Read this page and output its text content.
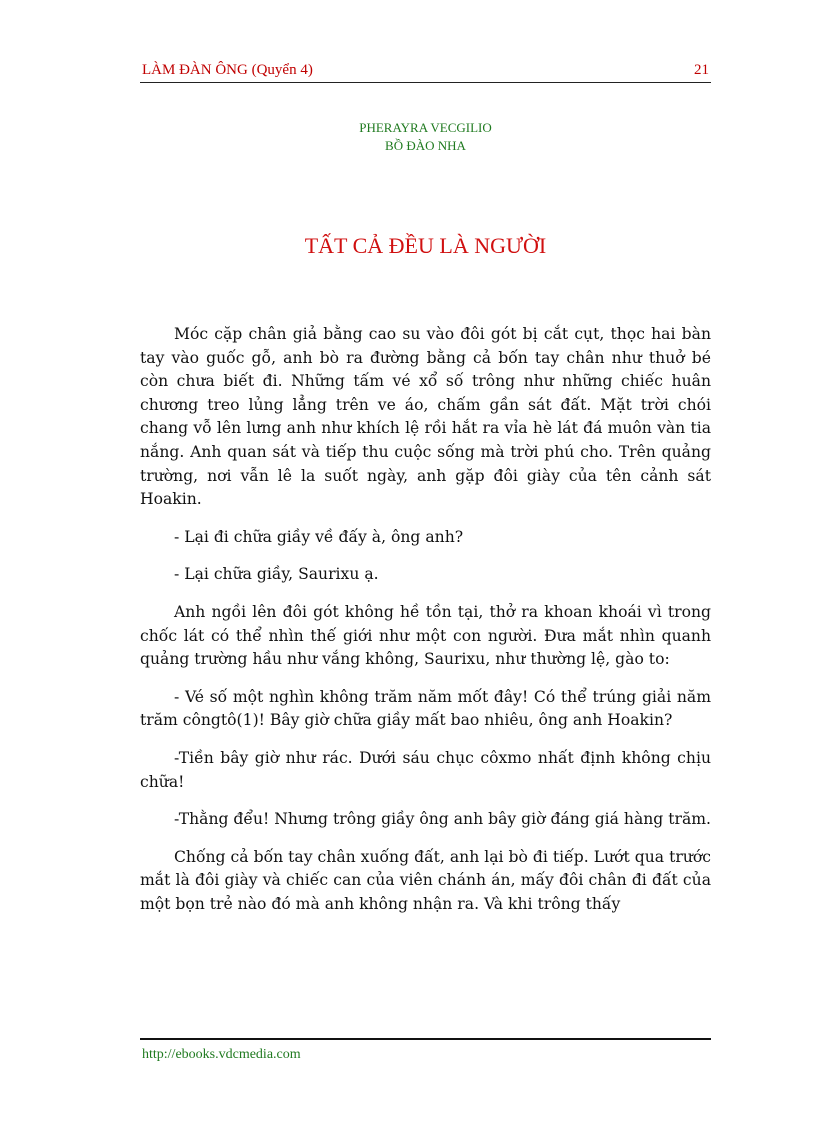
LÀM ĐÀN ÔNG (Quyển 4)	21
PHERAYRA VECGILIO
BỒ ĐÀO NHA
TẤT CẢ ĐỀU LÀ NGƯỜI

Móc cặp chân giả bằng cao su vào đôi gót bị cắt cụt, thọc hai bàn tay vào guốc gỗ, anh bò ra đường bằng cả bốn tay chân như thuở bé còn chưa biết đi. Những tấm vé xổ số trông như những chiếc huân chương treo lủng lẳng trên ve áo, chấm gần sát đất. Mặt trời chói chang vỗ lên lưng anh như khích lệ rồi hắt ra vỉa hè lát đá muôn vàn tia nắng. Anh quan sát và tiếp thu cuộc sống mà trời phú cho. Trên quảng trường, nơi vẫn lê la suốt ngày, anh gặp đôi giày của tên cảnh sát Hoakin.

- Lại đi chữa giầy về đấy à, ông anh?

- Lại chữa giầy, Saurixu ạ.

Anh ngồi lên đôi gót không hề tồn tại, thở ra khoan khoái vì trong chốc lát có thể nhìn thế giới như một con người. Đưa mắt nhìn quanh quảng trường hầu như vắng không, Saurixu, như thường lệ, gào to:

- Vé số một nghìn không trăm năm mốt đây! Có thể trúng giải năm trăm côngtô(1)! Bây giờ chữa giầy mất bao nhiêu, ông anh Hoakin?

-Tiền bây giờ như rác. Dưới sáu chục côxmo nhất định không chịu chữa!

-Thằng đểu! Nhưng trông giầy ông anh bây giờ đáng giá hàng trăm.

Chống cả bốn tay chân xuống đất, anh lại bò đi tiếp. Lướt qua trước mắt là đôi giày và chiếc can của viên chánh án, mấy đôi chân đi đất của một bọn trẻ nào đó mà anh không nhận ra. Và khi trông thấy

http://ebooks.vdcmedia.com
